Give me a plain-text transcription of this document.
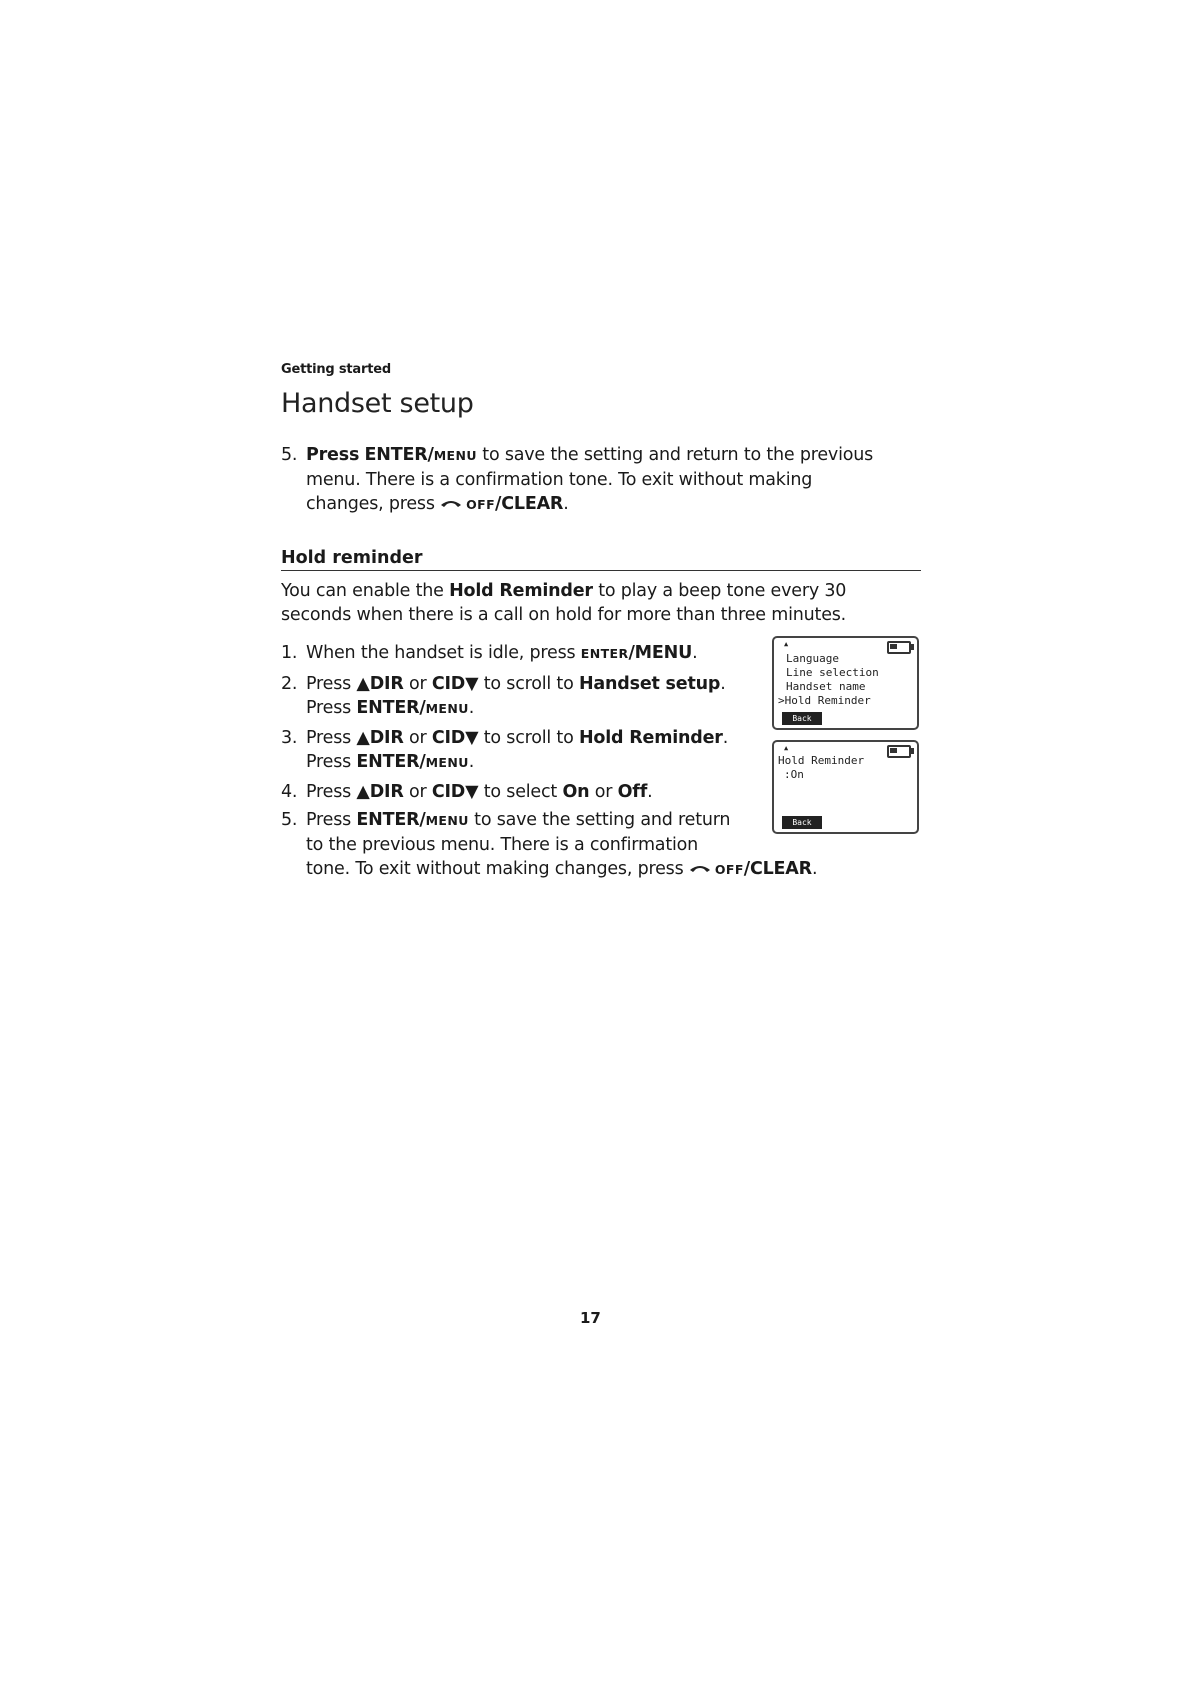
Getting started
Handset setup
5. Press ENTER/MENU to save the setting and return to the previous
menu. There is a confirmation tone. To exit without making
changes, press OFF/CLEAR.
Hold reminder
You can enable the Hold Reminder to play a beep tone every 30
seconds when there is a call on hold for more than three minutes.
1. When the handset is idle, press ENTER/MENU.
2. Press ▲DIR or CID▼ to scroll to Handset setup.
Press ENTER/MENU.
3. Press ▲DIR or CID▼ to scroll to Hold Reminder.
Press ENTER/MENU.
4. Press ▲DIR or CID▼ to select On or Off.
5. Press ENTER/MENU to save the setting and return
to the previous menu. There is a confirmation
tone. To exit without making changes, press OFF/CLEAR.
▲
Language
Line selection
Handset name
>Hold Reminder
Back
▲
Hold Reminder
:On
Back
17
